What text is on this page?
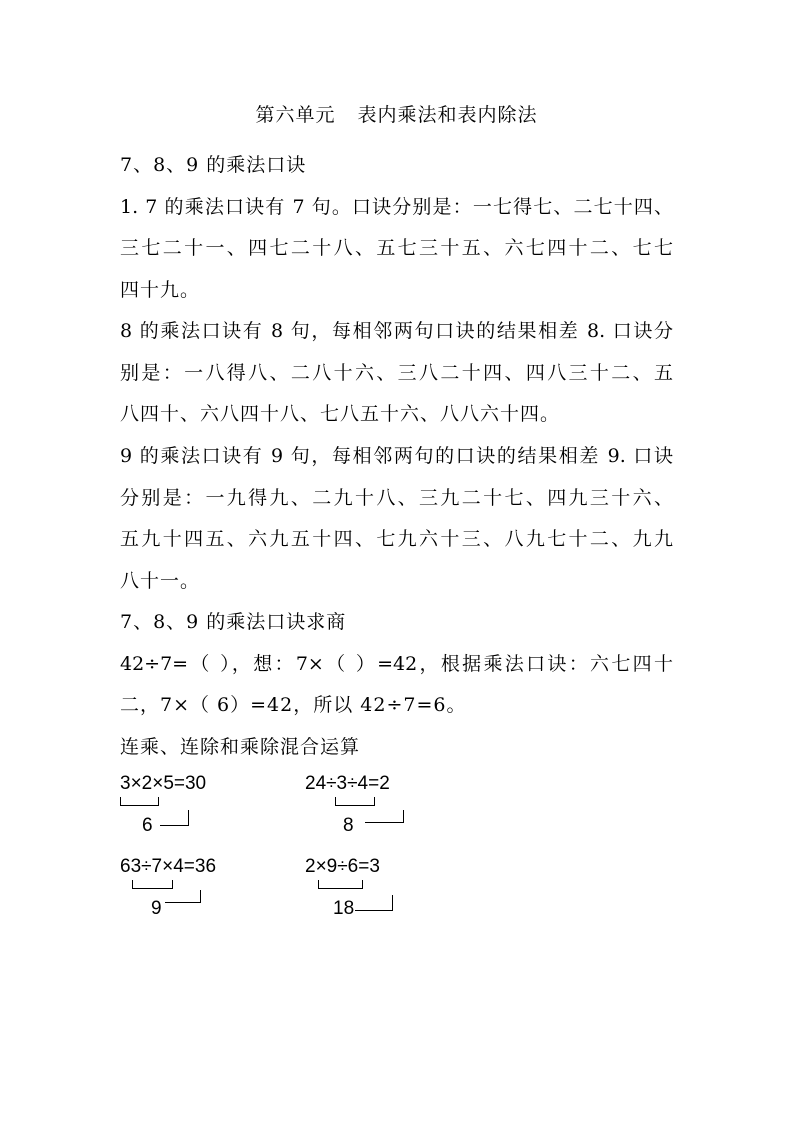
第六单元 表内乘法和表内除法
7、8、9 的乘法口诀
1. 7 的乘法口诀有 7 句。口诀分别是：一七得七、二七十四、
三七二十一、四七二十八、五七三十五、六七四十二、七七
四十九。
8 的乘法口诀有 8 句，每相邻两句口诀的结果相差 8. 口诀分
别是：一八得八、二八十六、三八二十四、四八三十二、五
八四十、六八四十八、七八五十六、八八六十四。
9 的乘法口诀有 9 句，每相邻两句的口诀的结果相差 9. 口诀
分别是：一九得九、二九十八、三九二十七、四九三十六、
五九十四五、六九五十四、七九六十三、八九七十二、九九
八十一。
7、8、9 的乘法口诀求商
42÷7=（ ），想：7×（ ）=42，根据乘法口诀：六七四十
二，7×（ 6）=42，所以 42÷7=6。
连乘、连除和乘除混合运算
3×2×5=30
6
24÷3÷4=2
8
63÷7×4=36
9
2×9÷6=3
18
